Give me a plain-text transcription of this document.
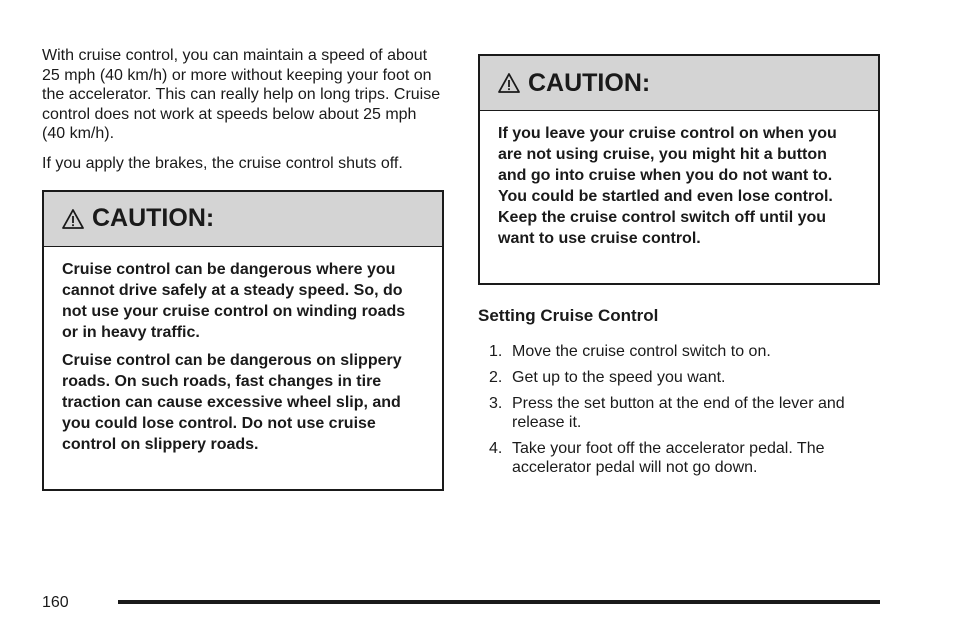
With cruise control, you can maintain a speed of about 25 mph (40 km/h) or more without keeping your foot on the accelerator. This can really help on long trips. Cruise control does not work at speeds below about 25 mph (40 km/h).

If you apply the brakes, the cruise control shuts off.

CAUTION:

Cruise control can be dangerous where you cannot drive safely at a steady speed. So, do not use your cruise control on winding roads or in heavy traffic.

Cruise control can be dangerous on slippery roads. On such roads, fast changes in tire traction can cause excessive wheel slip, and you could lose control. Do not use cruise control on slippery roads.

CAUTION:

If you leave your cruise control on when you are not using cruise, you might hit a button and go into cruise when you do not want to. You could be startled and even lose control. Keep the cruise control switch off until you want to use cruise control.

Setting Cruise Control
1. Move the cruise control switch to on.
2. Get up to the speed you want.
3. Press the set button at the end of the lever and release it.
4. Take your foot off the accelerator pedal. The accelerator pedal will not go down.
160
